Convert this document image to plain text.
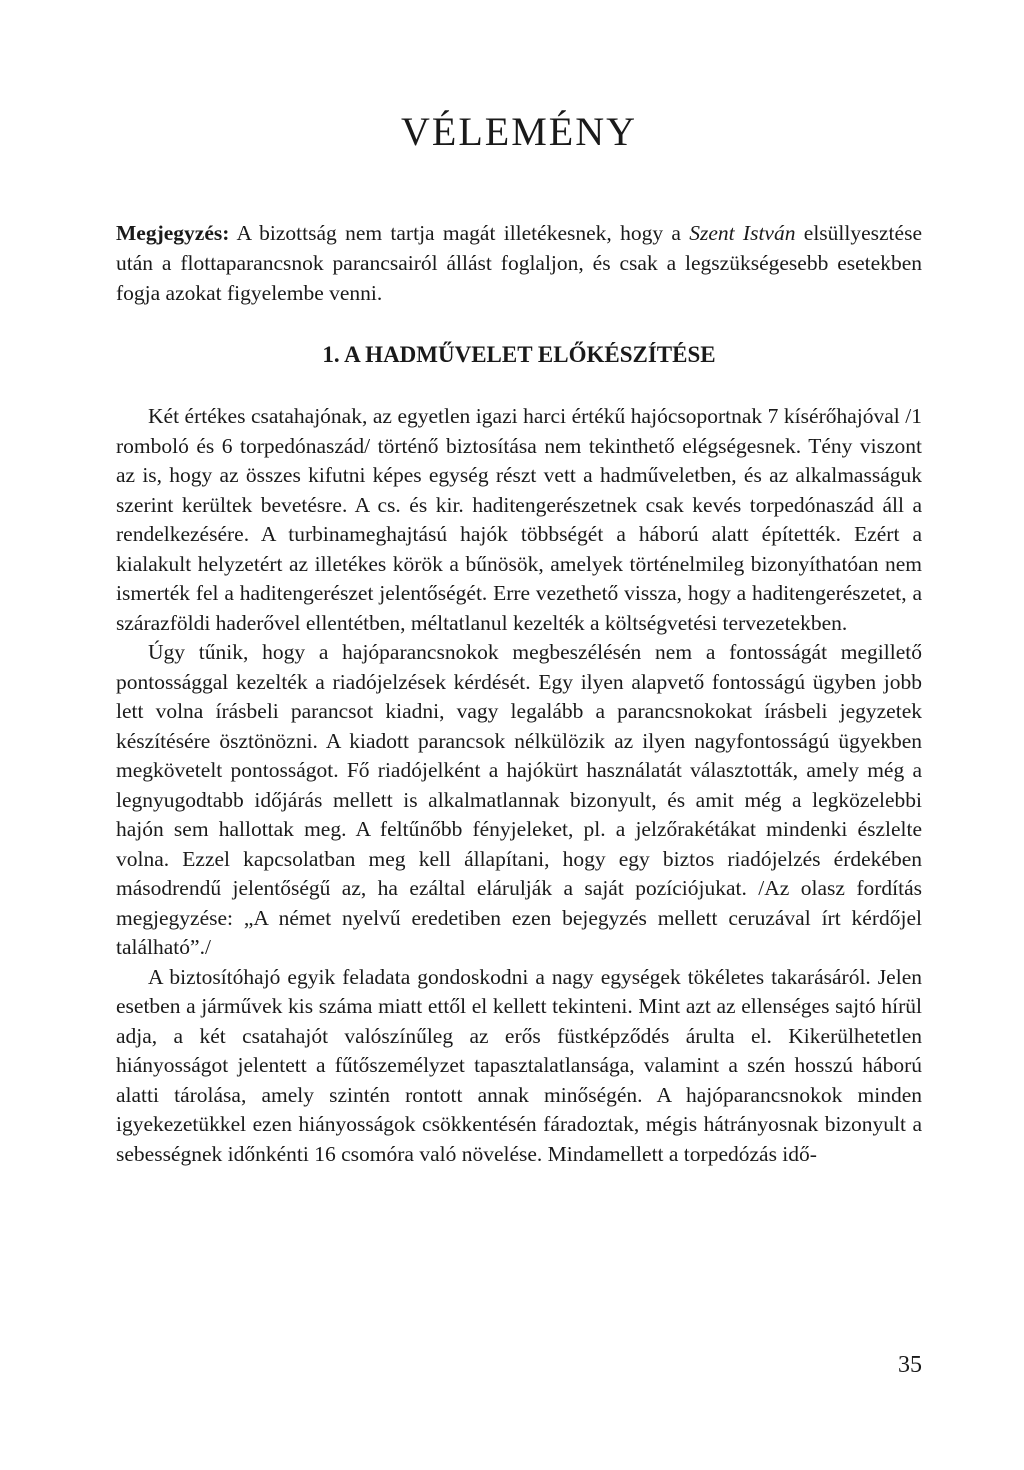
VÉLEMÉNY

Megjegyzés: A bizottság nem tartja magát illetékesnek, hogy a Szent István elsüllyesztése után a flottaparancsnok parancsairól állást foglaljon, és csak a legszükségesebb esetekben fogja azokat figyelembe venni.

1. A HADMŰVELET ELŐKÉSZÍTÉSE

Két értékes csatahajónak, az egyetlen igazi harci értékű hajócsoportnak 7 kísérőhajóval /1 romboló és 6 torpedónaszád/ történő biztosítása nem tekinthető elégségesnek. Tény viszont az is, hogy az összes kifutni képes egység részt vett a hadműveletben, és az alkalmasságuk szerint kerültek bevetésre. A cs. és kir. haditengerészetnek csak kevés torpedónaszád áll a rendelkezésére. A turbinameghajtású hajók többségét a háború alatt építették. Ezért a kialakult helyzetért az illetékes körök a bűnösök, amelyek történelmileg bizonyíthatóan nem ismerték fel a haditengerészet jelentőségét. Erre vezethető vissza, hogy a haditengerészetet, a szárazföldi haderővel ellentétben, méltatlanul kezelték a költségvetési tervezetekben.

Úgy tűnik, hogy a hajóparancsnokok megbeszélésén nem a fontosságát megillető pontossággal kezelték a riadójelzések kérdését. Egy ilyen alapvető fontosságú ügyben jobb lett volna írásbeli parancsot kiadni, vagy legalább a parancsnokokat írásbeli jegyzetek készítésére ösztönözni. A kiadott parancsok nélkülözik az ilyen nagyfontosságú ügyekben megkövetelt pontosságot. Fő riadójelként a hajókürt használatát választották, amely még a legnyugodtabb időjárás mellett is alkalmatlannak bizonyult, és amit még a legközelebbi hajón sem hallottak meg. A feltűnőbb fényjeleket, pl. a jelzőrakétákat mindenki észlelte volna. Ezzel kapcsolatban meg kell állapítani, hogy egy biztos riadójelzés érdekében másodrendű jelentőségű az, ha ezáltal elárulják a saját pozíciójukat. /Az olasz fordítás megjegyzése: „A német nyelvű eredetiben ezen bejegyzés mellett ceruzával írt kérdőjel található”./

A biztosítóhajó egyik feladata gondoskodni a nagy egységek tökéletes takarásáról. Jelen esetben a járművek kis száma miatt ettől el kellett tekinteni. Mint azt az ellenséges sajtó hírül adja, a két csatahajót valószínűleg az erős füstképződés árulta el. Kikerülhetetlen hiányosságot jelentett a fűtőszemélyzet tapasztalatlansága, valamint a szén hosszú háború alatti tárolása, amely szintén rontott annak minőségén. A hajóparancsnokok minden igyekezetükkel ezen hiányosságok csökkentésén fáradoztak, mégis hátrányosnak bizonyult a sebességnek időnkénti 16 csomóra való növelése. Mindamellett a torpedózás idő-

35
